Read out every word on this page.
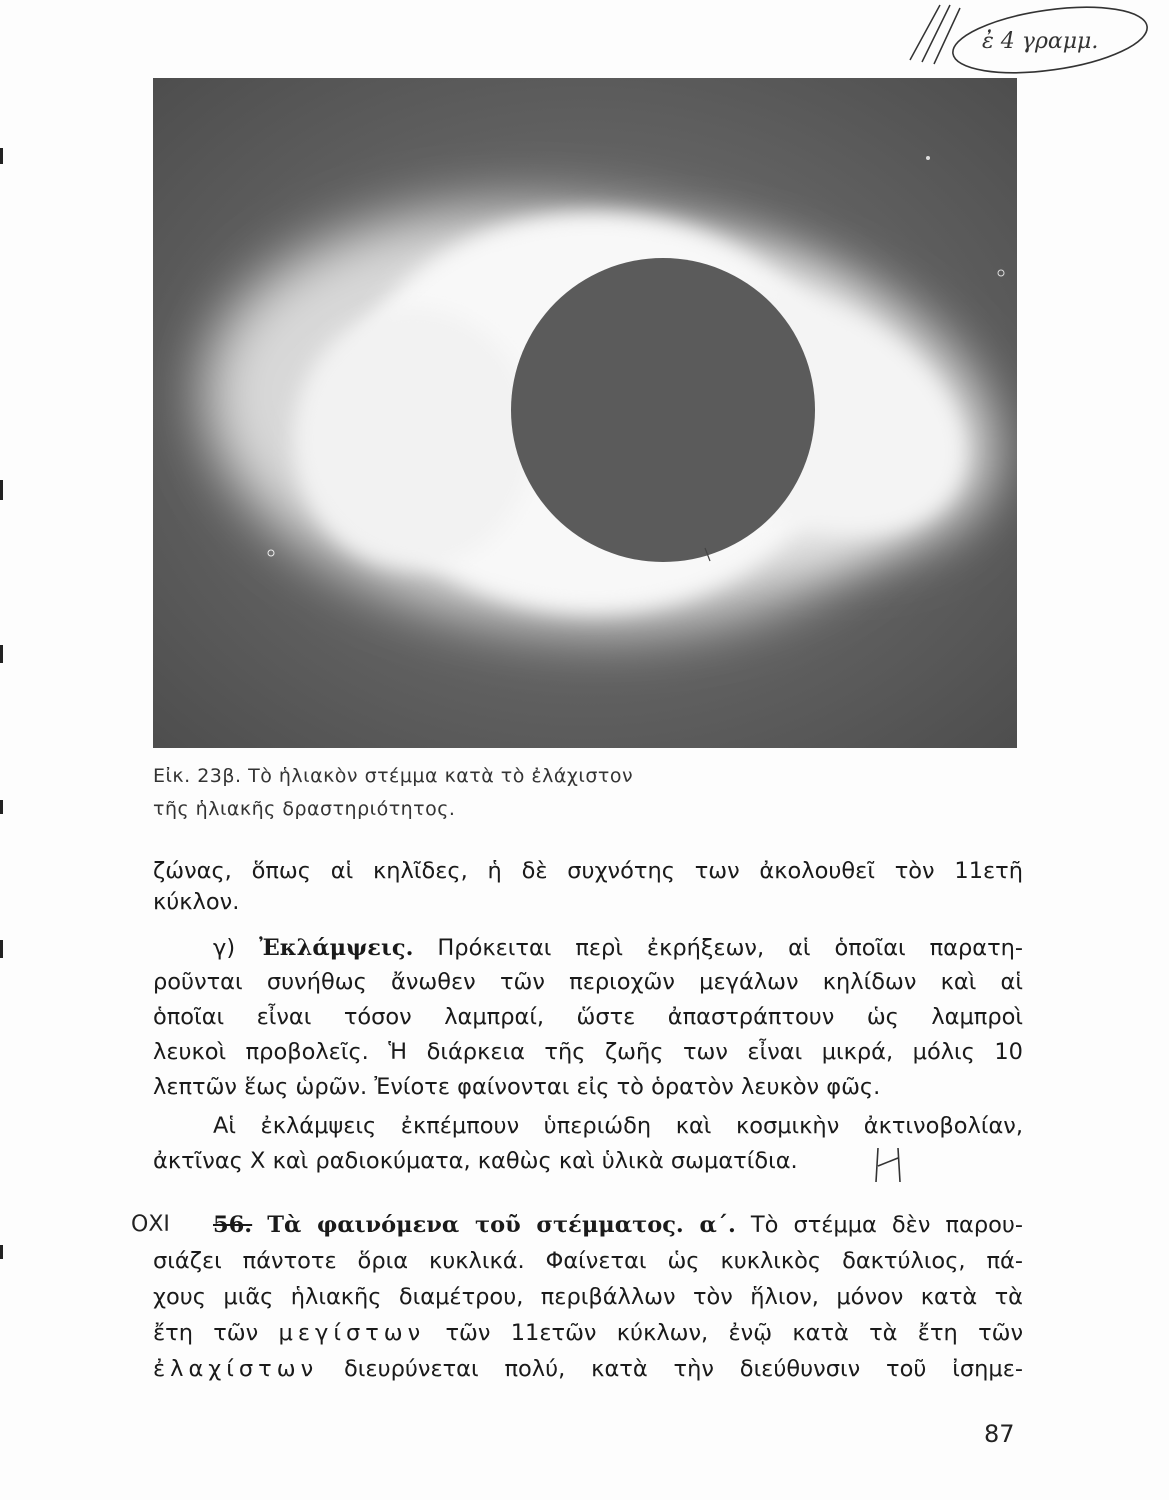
ἐ 4 γραμμ.
Εἰκ. 23β. Τὸ ἡλιακὸν στέμμα κατὰ τὸ ἐλάχιστον
τῆς ἡλιακῆς δραστηριότητος.
ζώνας, ὅπως αἱ κηλῖδες, ἡ δὲ συχνότης των ἀκολουθεῖ τὸν 11ετῆ
κύκλον.
γ) Ἐκλάμψεις. Πρόκειται περὶ ἐκρήξεων, αἱ ὁποῖαι παρατη-
ροῦνται συνήθως ἄνωθεν τῶν περιοχῶν μεγάλων κηλίδων καὶ αἱ
ὁποῖαι εἶναι τόσον λαμπραί, ὥστε ἀπαστράπτουν ὡς λαμπροὶ
λευκοὶ προβολεῖς. Ἡ διάρκεια τῆς ζωῆς των εἶναι μικρά, μόλις 10
λεπτῶν ἕως ὡρῶν. Ἐνίοτε φαίνονται εἰς τὸ ὁρατὸν λευκὸν φῶς.
Αἱ ἐκλάμψεις ἐκπέμπουν ὑπεριώδη καὶ κοσμικὴν ἀκτινοβολίαν,
ἀκτῖνας Χ καὶ ραδιοκύματα, καθὼς καὶ ὑλικὰ σωματίδια.
ΟΧΙ 56. Τὰ φαινόμενα τοῦ στέμματος. α΄. Τὸ στέμμα δὲν παρου-
σιάζει πάντοτε ὅρια κυκλικά. Φαίνεται ὡς κυκλικὸς δακτύλιος, πά-
χους μιᾶς ἡλιακῆς διαμέτρου, περιβάλλων τὸν ἥλιον, μόνον κατὰ τὰ
ἔτη τῶν μεγίστων τῶν 11ετῶν κύκλων, ἐνῷ κατὰ τὰ ἔτη τῶν
ἐλαχίστων διευρύνεται πολύ, κατὰ τὴν διεύθυνσιν τοῦ ἰσημε-
87
